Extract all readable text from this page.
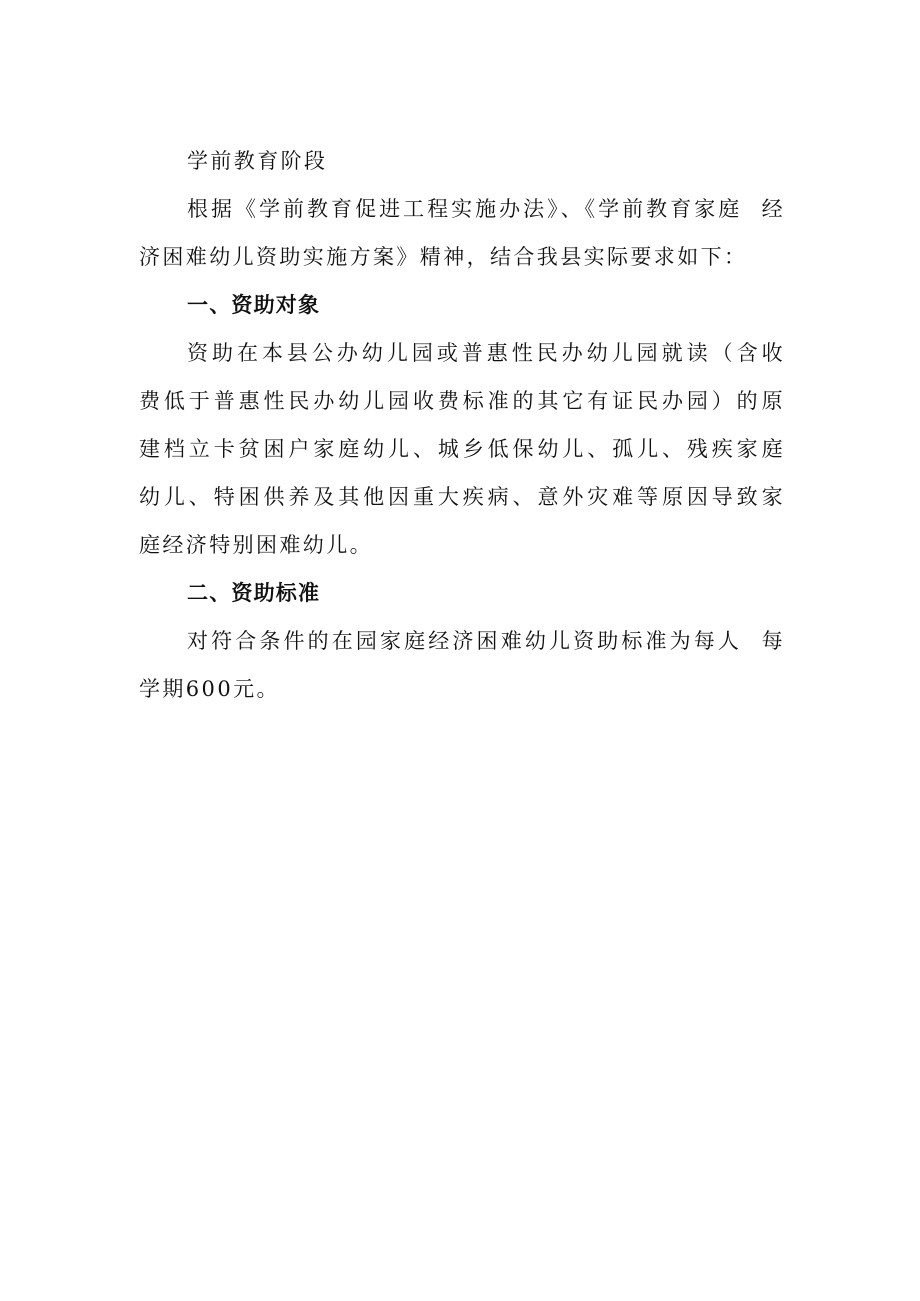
学前教育阶段

根据《学前教育促进工程实施办法》、《学前教育家庭  经济困难幼儿资助实施方案》精神，结合我县实际要求如下：

一、资助对象

资助在本县公办幼儿园或普惠性民办幼儿园就读（含收  费低于普惠性民办幼儿园收费标准的其它有证民办园）的原  建档立卡贫困户家庭幼儿、城乡低保幼儿、孤儿、残疾家庭  幼儿、特困供养及其他因重大疾病、意外灾难等原因导致家  庭经济特别困难幼儿。

二、资助标准

对符合条件的在园家庭经济困难幼儿资助标准为每人  每学期600元。
